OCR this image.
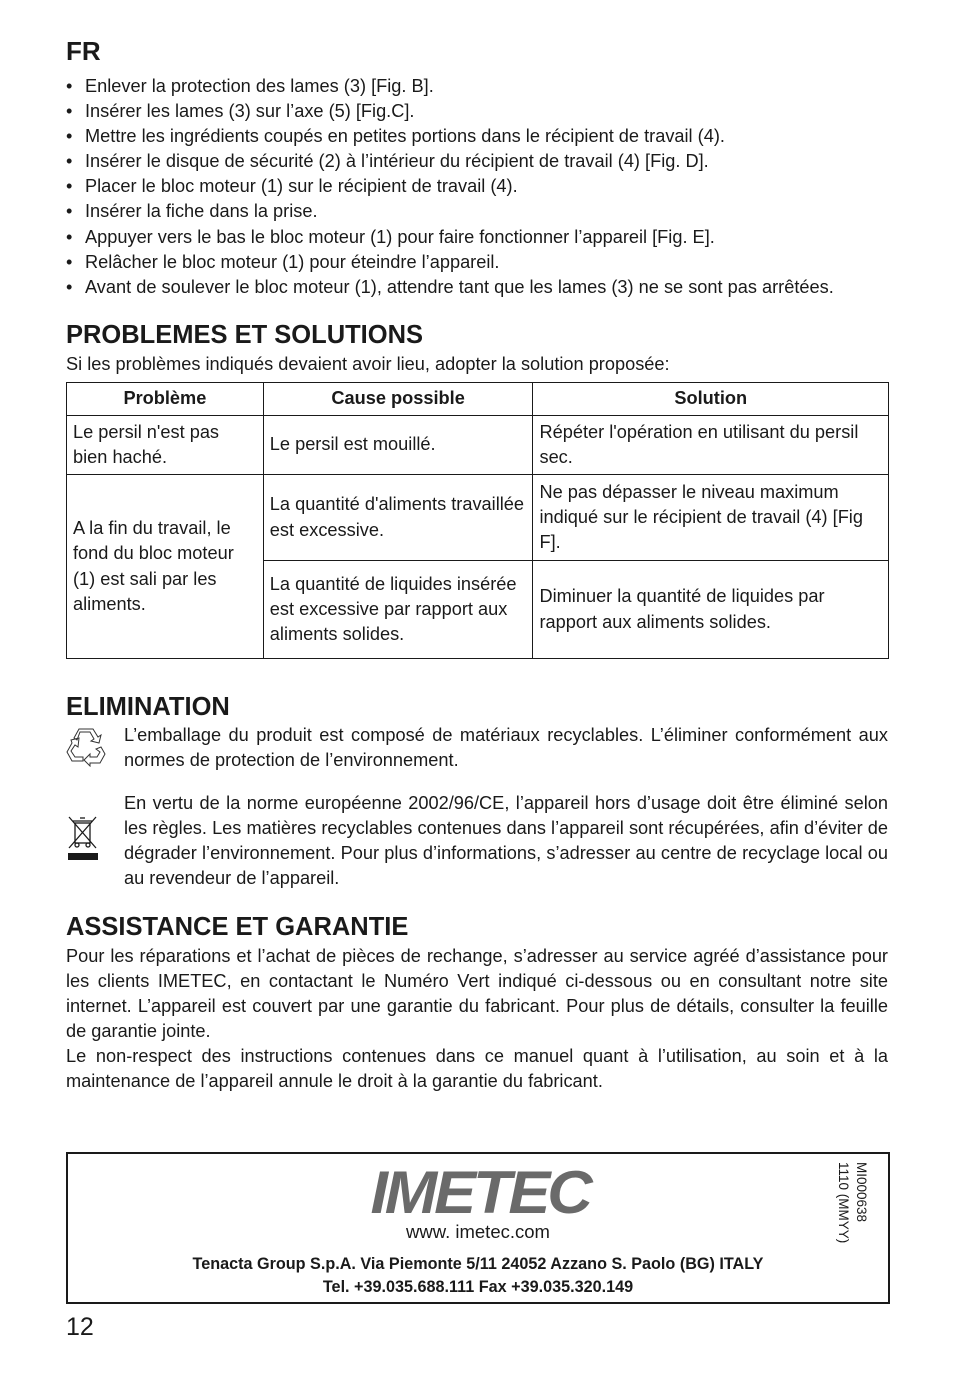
FR
• Enlever la protection des lames (3) [Fig. B].
• Insérer les lames (3) sur l’axe (5) [Fig.C].
• Mettre les ingrédients coupés en petites portions dans le récipient de travail (4).
• Insérer le disque de sécurité (2) à l’intérieur du récipient de travail (4) [Fig. D].
• Placer le bloc moteur (1) sur le récipient de travail (4).
• Insérer la fiche dans la prise.
• Appuyer vers le bas le bloc moteur (1) pour faire fonctionner l’appareil [Fig. E].
• Relâcher le bloc moteur (1) pour éteindre l’appareil.
• Avant de soulever le bloc moteur (1), attendre tant que les lames (3) ne se sont pas arrêtées.
PROBLEMES ET SOLUTIONS

Si les problèmes indiqués devaient avoir lieu, adopter la solution proposée:

Problème	Cause possible	Solution
Le persil n'est pas bien haché.	Le persil est mouillé.	Répéter l'opération en utilisant du persil sec.
A la fin du travail, le fond du bloc moteur (1) est sali par les aliments.	La quantité d'aliments travaillée est excessive.	Ne pas dépasser le niveau maximum indiqué sur le récipient de travail (4) [Fig F].
	La quantité de liquides insérée est excessive par rapport aux aliments solides.	Diminuer la quantité de liquides par rapport aux aliments solides.
ELIMINATION
L’emballage du produit est composé de matériaux recyclables. L’éliminer conformément aux normes de protection de l’environnement.
En vertu de la norme européenne 2002/96/CE, l’appareil hors d’usage doit être éliminé selon les règles. Les matières recyclables contenues dans l’appareil sont récupérées, afin d’éviter de dégrader l’environnement. Pour plus d’informations, s’adresser au centre de recyclage local ou au revendeur de l’appareil.
ASSISTANCE ET GARANTIE

Pour les réparations et l’achat de pièces de rechange, s’adresser au service agréé d’assistance pour les clients IMETEC, en contactant le Numéro Vert indiqué ci-dessous ou en consultant notre site internet. L’appareil est couvert par une garantie du fabricant. Pour plus de détails, consulter la feuille de garantie jointe.

Le non-respect des instructions contenues dans ce manuel quant à l’utilisation, au soin et à la maintenance de l’appareil annule le droit à la garantie du fabricant.

IMETEC
www. imetec.com
Tenacta Group S.p.A. Via Piemonte 5/11 24052 Azzano S. Paolo (BG) ITALY
Tel. +39.035.688.111 Fax +39.035.320.149
MI000638
1110 (MMYY)
12
